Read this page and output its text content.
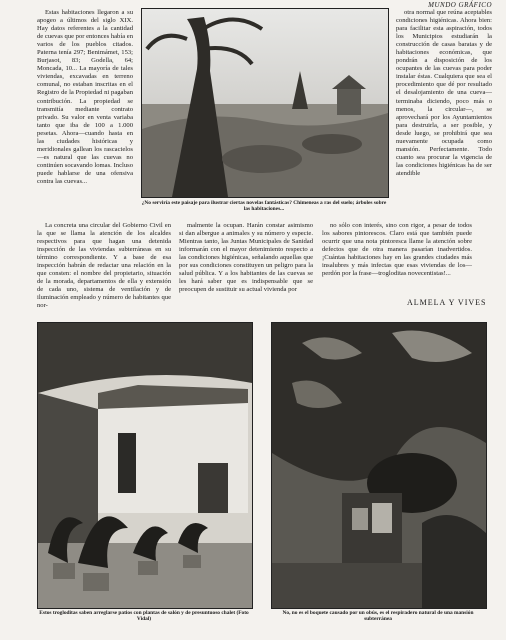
MUNDO GRÁFICO

Estas habitaciones llegaron a su apogeo a últimos del siglo XIX. Hay datos referentes a la cantidad de cuevas que por entonces había en varios de los pueblos citados. Paterna tenía 297; Benimámet, 153; Burjasot, 83; Godella, 64; Moncada, 10... La mayoría de tales viviendas, excavadas en terreno comunal, no estaban inscritas en el Registro de la Propiedad ni pagaban contribución. La propiedad se transmitía mediante contrato privado. Su valor en venta variaba tanto que iba de 100 a 1.000 pesetas. Ahora—cuando hasta en las ciudades históricas y meridionales gallean los rascacielos—es natural que las cuevas no continúen socavando lomas. Incluso puede hablarse de una ofensiva contra las cuevas...

¿No serviría este paisaje para ilustrar ciertas novelas fantásticas? Chimeneas a ras del suelo; árboles sobre las habitaciones...

otra normal que reúna aceptables condiciones higiénicas. Ahora bien: para facilitar esta aspiración, todos los Municipios estudiarán la construcción de casas baratas y de habitaciones económicas, que pondrán a disposición de los ocupantes de las cuevas para poder instalar éstas. Cualquiera que sea el procedimiento que dé por resultado el desalojamiento de una cueva—terminaba diciendo, poco más o menos, la circular—, se aprovechará por los Ayuntamientos para destruirla, a ser posible, y desde luego, se prohibirá que sea nuevamente ocupada como mansión. Perfectamente. Todo cuanto sea procurar la vigencia de las condiciones higiénicas ha de ser atendible

La concreta una circular del Gobierno Civil en la que se llama la atención de los alcaldes respectivos para que hagan una detenida inspección de las viviendas subterráneas en su término correspondiente. Y a base de esa inspección habrán de redactar una relación en la que consten: el nombre del propietario, situación de la morada, departamentos de ella y extensión de cada uno, sistema de ventilación y de iluminación empleado y número de habitantes que nor-

malmente la ocupan. Harán constar asimismo si dan albergue a animales y su número y especie. Mientras tanto, las Juntas Municipales de Sanidad informarán con el mayor detenimiento respecto a las condiciones higiénicas, señalando aquellas que por sus condiciones constituyen un peligro para la salud pública. Y a los habitantes de las cuevas se les hará saber que es indispensable que se preocupen de sustituir su actual vivienda por

no sólo con interés, sino con rigor, a pesar de todos los sabores pintorescos. Claro está que también puede ocurrir que una nota pintoresca llame la atención sobre defectos que de otra manera pasarían inadvertidos. ¡Cuántas habitaciones hay en las grandes ciudades más insalubres y más infectas que esas viviendas de los—perdón por la frase—trogloditas novecentistas!...

ALMELA Y VIVES
Estos trogloditas saben arreglarse patios con plantas de salón y de presuntuoso chalet (Foto Vidal)
No, no es el boquete causado por un obús, es el respiradero natural de una mansión subterránea
